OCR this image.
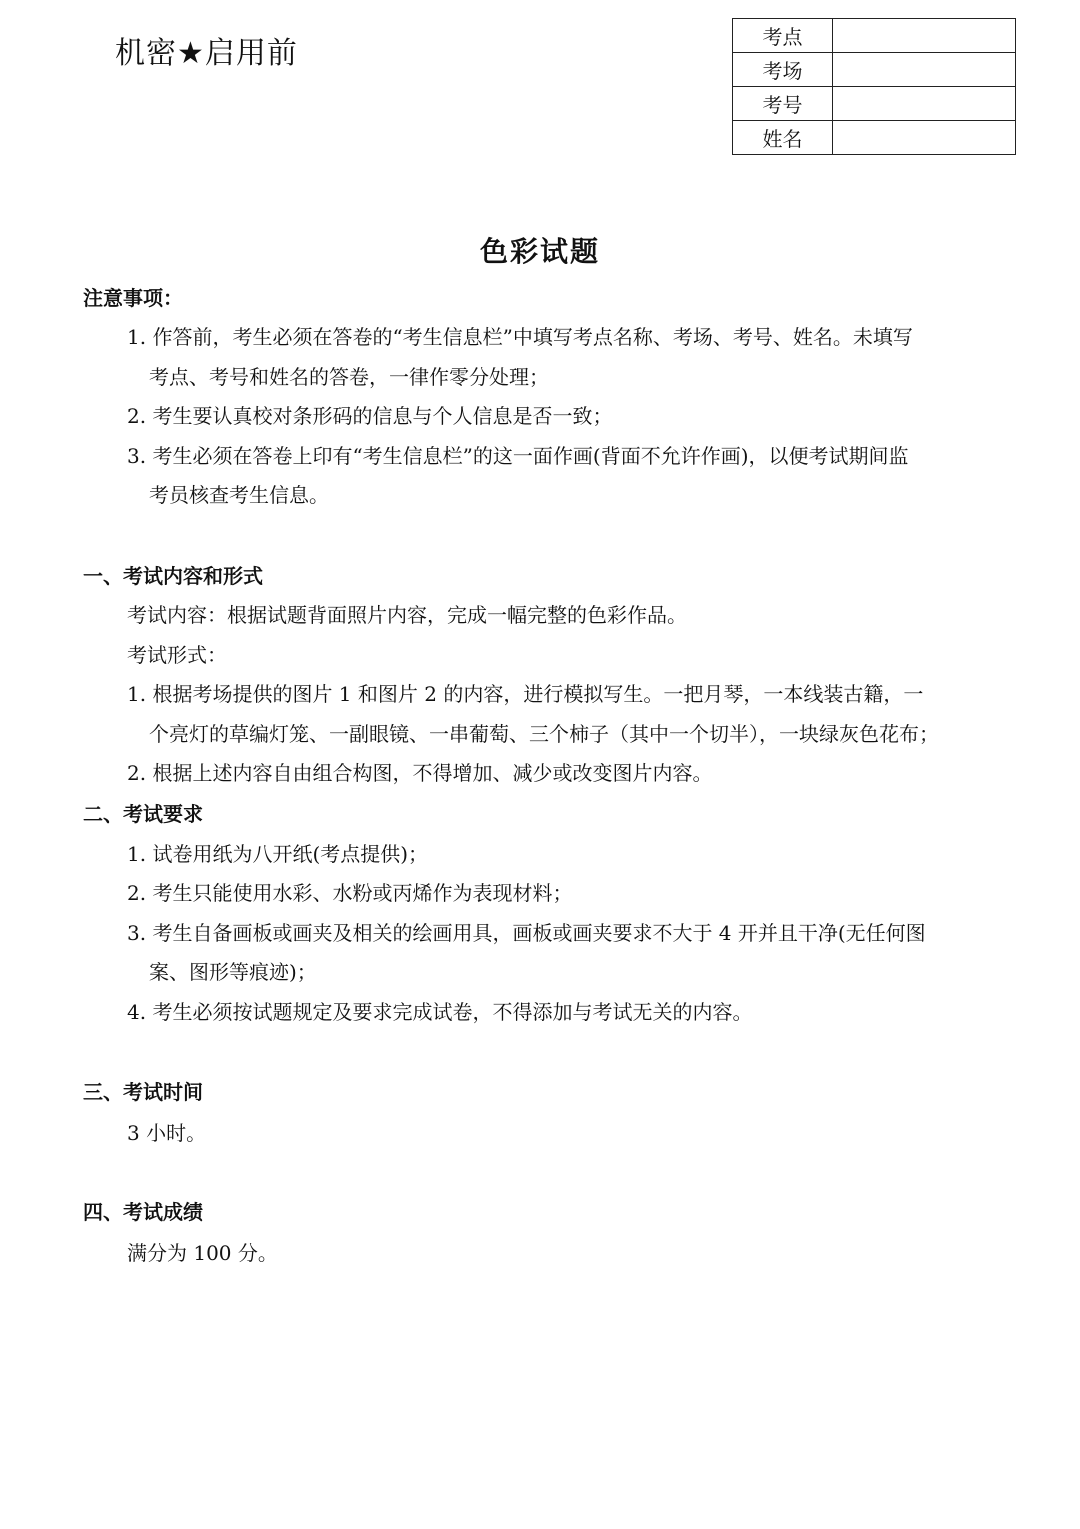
机密★启用前	考点	
考场	
考号	
姓名	
色彩试题
注意事项：
1. 作答前，考生必须在答卷的“考生信息栏”中填写考点名称、考场、考号、姓名。未填写
考点、考号和姓名的答卷，一律作零分处理；
2. 考生要认真校对条形码的信息与个人信息是否一致；
3. 考生必须在答卷上印有“考生信息栏”的这一面作画(背面不允许作画)，以便考试期间监
考员核查考生信息。
一、考试内容和形式
考试内容：根据试题背面照片内容，完成一幅完整的色彩作品。
考试形式：
1. 根据考场提供的图片 1 和图片 2 的内容，进行模拟写生。一把月琴，一本线装古籍，一
个亮灯的草编灯笼、一副眼镜、一串葡萄、三个柿子（其中一个切半），一块绿灰色花布；
2. 根据上述内容自由组合构图，不得增加、减少或改变图片内容。
二、考试要求
1. 试卷用纸为八开纸(考点提供)；
2. 考生只能使用水彩、水粉或丙烯作为表现材料；
3. 考生自备画板或画夹及相关的绘画用具，画板或画夹要求不大于 4 开并且干净(无任何图
案、图形等痕迹)；
4. 考生必须按试题规定及要求完成试卷，不得添加与考试无关的内容。
三、考试时间
3 小时。
四、考试成绩
满分为 100 分。
